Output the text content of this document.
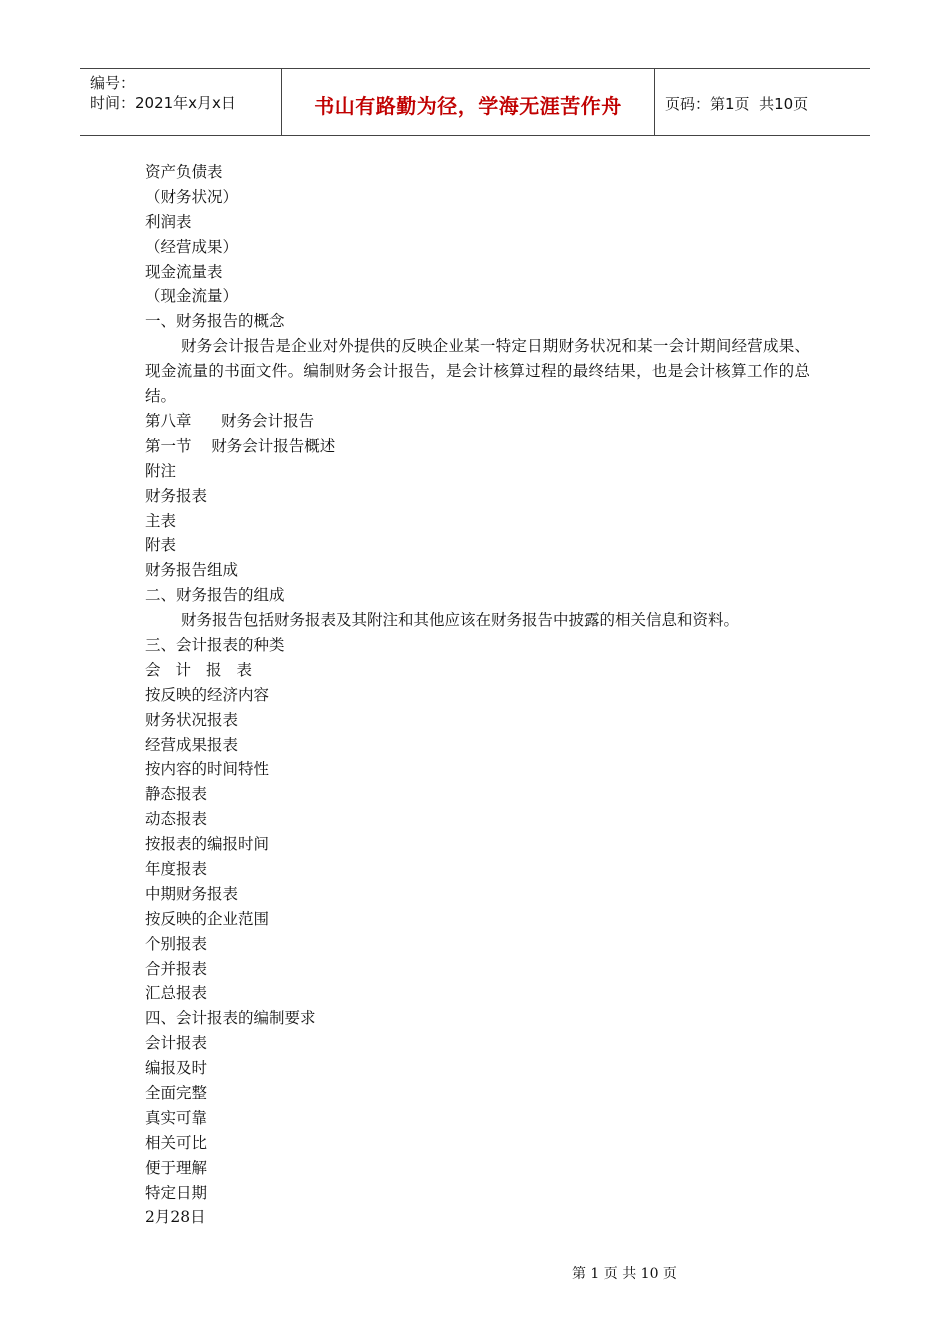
编号：
时间：2021年x月x日	书山有路勤为径，学海无涯苦作舟	页码：第1页  共10页
资产负债表
（财务状况）
利润表
（经营成果）
现金流量表
（现金流量）
一、财务报告的概念
财务会计报告是企业对外提供的反映企业某一特定日期财务状况和某一会计期间经营成果、现金流量的书面文件。编制财务会计报告，是会计核算过程的最终结果，也是会计核算工作的总结。
第八章      财务会计报告
第一节    财务会计报告概述
附注
财务报表
主表
附表
财务报告组成
二、财务报告的组成
财务报告包括财务报表及其附注和其他应该在财务报告中披露的相关信息和资料。
三、会计报表的种类
会计报表
按反映的经济内容
财务状况报表
经营成果报表
按内容的时间特性
静态报表
动态报表
按报表的编报时间
年度报表
中期财务报表
按反映的企业范围
个别报表
合并报表
汇总报表
四、会计报表的编制要求
会计报表
编报及时
全面完整
真实可靠
相关可比
便于理解
特定日期
2月28日

第 1 页 共 10 页
